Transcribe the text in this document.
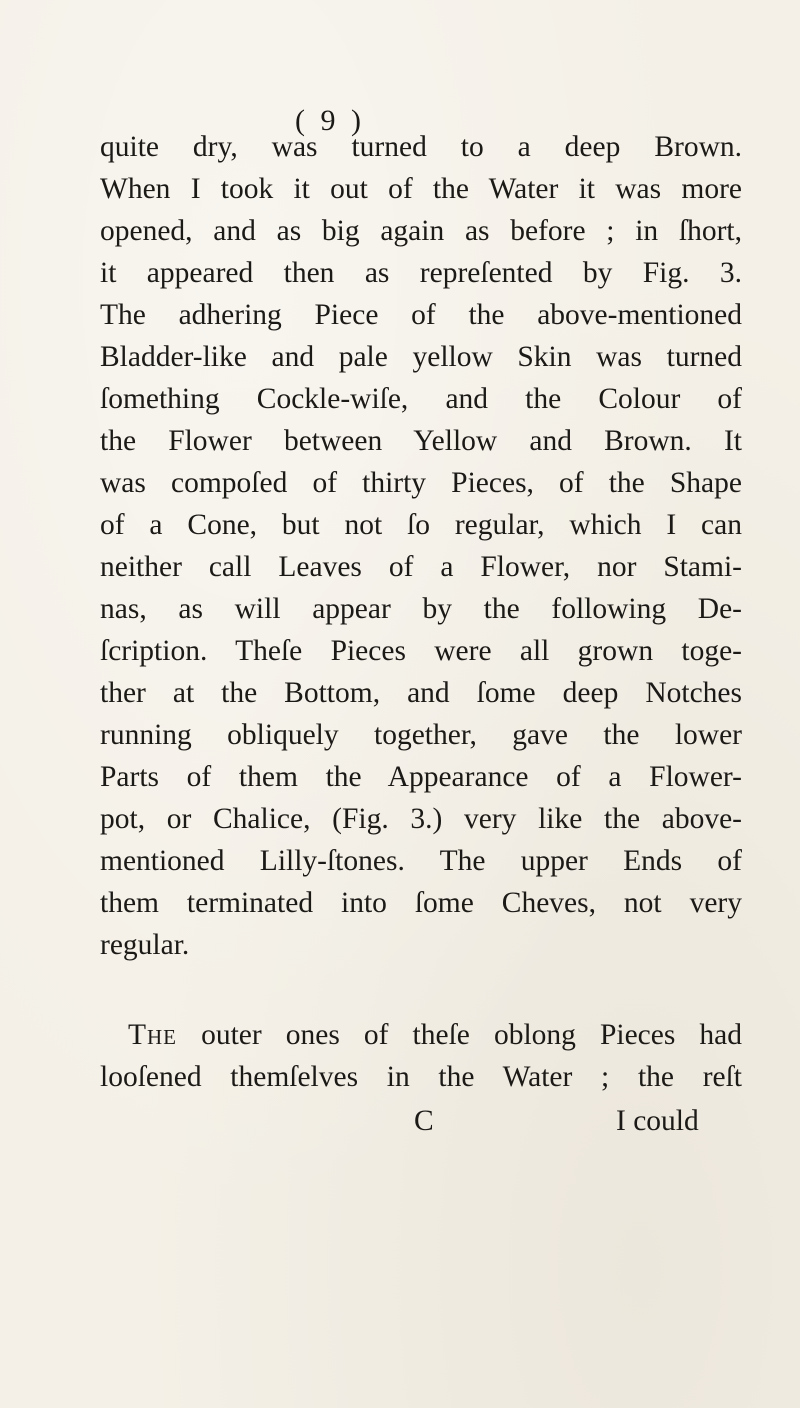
( 9 )
quite dry, was turned to a deep Brown.
When I took it out of the Water it was more
opened, and as big again as before ; in ſhort,
it appeared then as repreſented by Fig. 3.
The adhering Piece of the above-mentioned
Bladder-like and pale yellow Skin was turned
ſomething Cockle-wiſe, and the Colour of
the Flower between Yellow and Brown. It
was compoſed of thirty Pieces, of the Shape
of a Cone, but not ſo regular, which I can
neither call Leaves of a Flower, nor Stami-
nas, as will appear by the following De-
ſcription. Theſe Pieces were all grown toge-
ther at the Bottom, and ſome deep Notches
running obliquely together, gave the lower
Parts of them the Appearance of a Flower-
pot, or Chalice, (Fig. 3.) very like the above-
mentioned Lilly-ſtones. The upper Ends of
them terminated into ſome Cheves, not very
regular.
The outer ones of theſe oblong Pieces had
looſened themſelves in the Water ; the reſt
C	I could
